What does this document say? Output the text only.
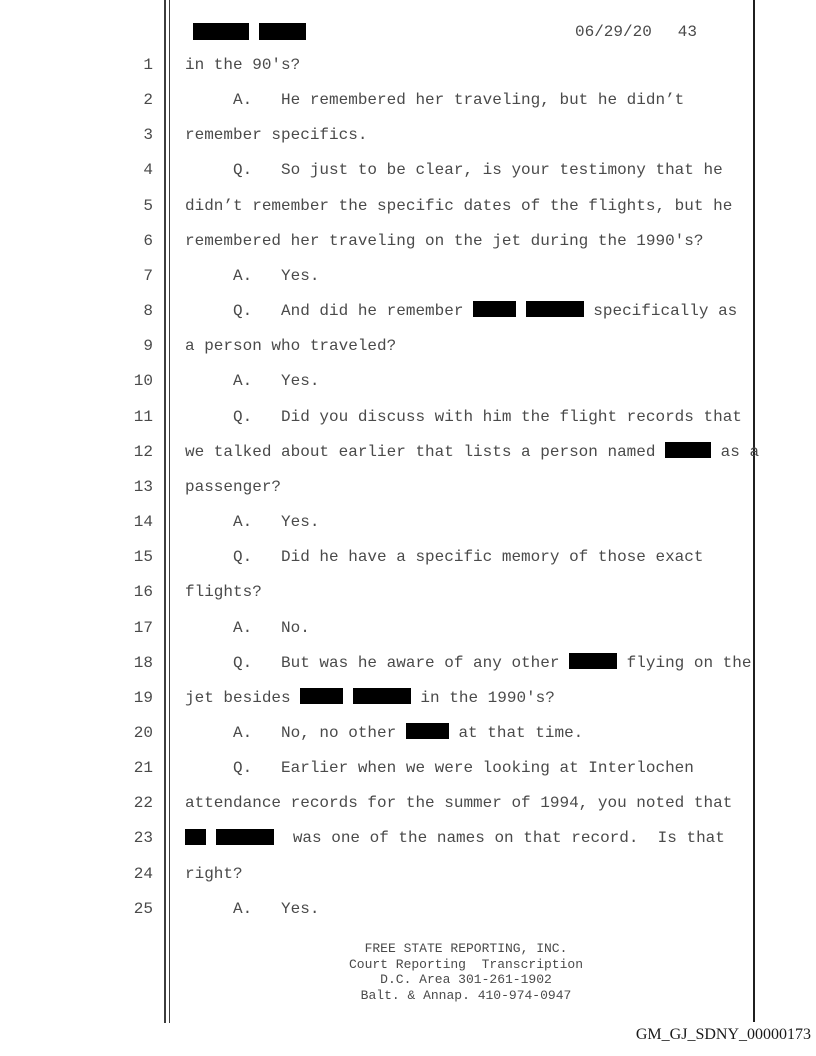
06/29/20 43
1 in the 90's?
2 A.   He remembered her traveling, but he didn’t
3 remember specifics.
4 Q.   So just to be clear, is your testimony that he
5 didn’t remember the specific dates of the flights, but he
6 remembered her traveling on the jet during the 1990's?
7 A.   Yes.
8 Q.   And did he remember	specifically as
9 a person who traveled?
10 A.   Yes.
11 Q.   Did you discuss with him the flight records that
12 we talked about earlier that lists a person named	as a
13 passenger?
14 A.   Yes.
15 Q.   Did he have a specific memory of those exact
16 flights?
17 A.   No.
18 Q.   But was he aware of any other	flying on the
19 jet besides	in the 1990's?
20 A.   No, no other	at that time.
21 Q.   Earlier when we were looking at Interlochen
22 attendance records for the summer of 1994, you noted that
23	was one of the names on that record.  Is that
24 right?
25 A.   Yes.
FREE STATE REPORTING, INC.
Court Reporting  Transcription
D.C. Area 301-261-1902
Balt. & Annap. 410-974-0947
GM_GJ_SDNY_00000173
